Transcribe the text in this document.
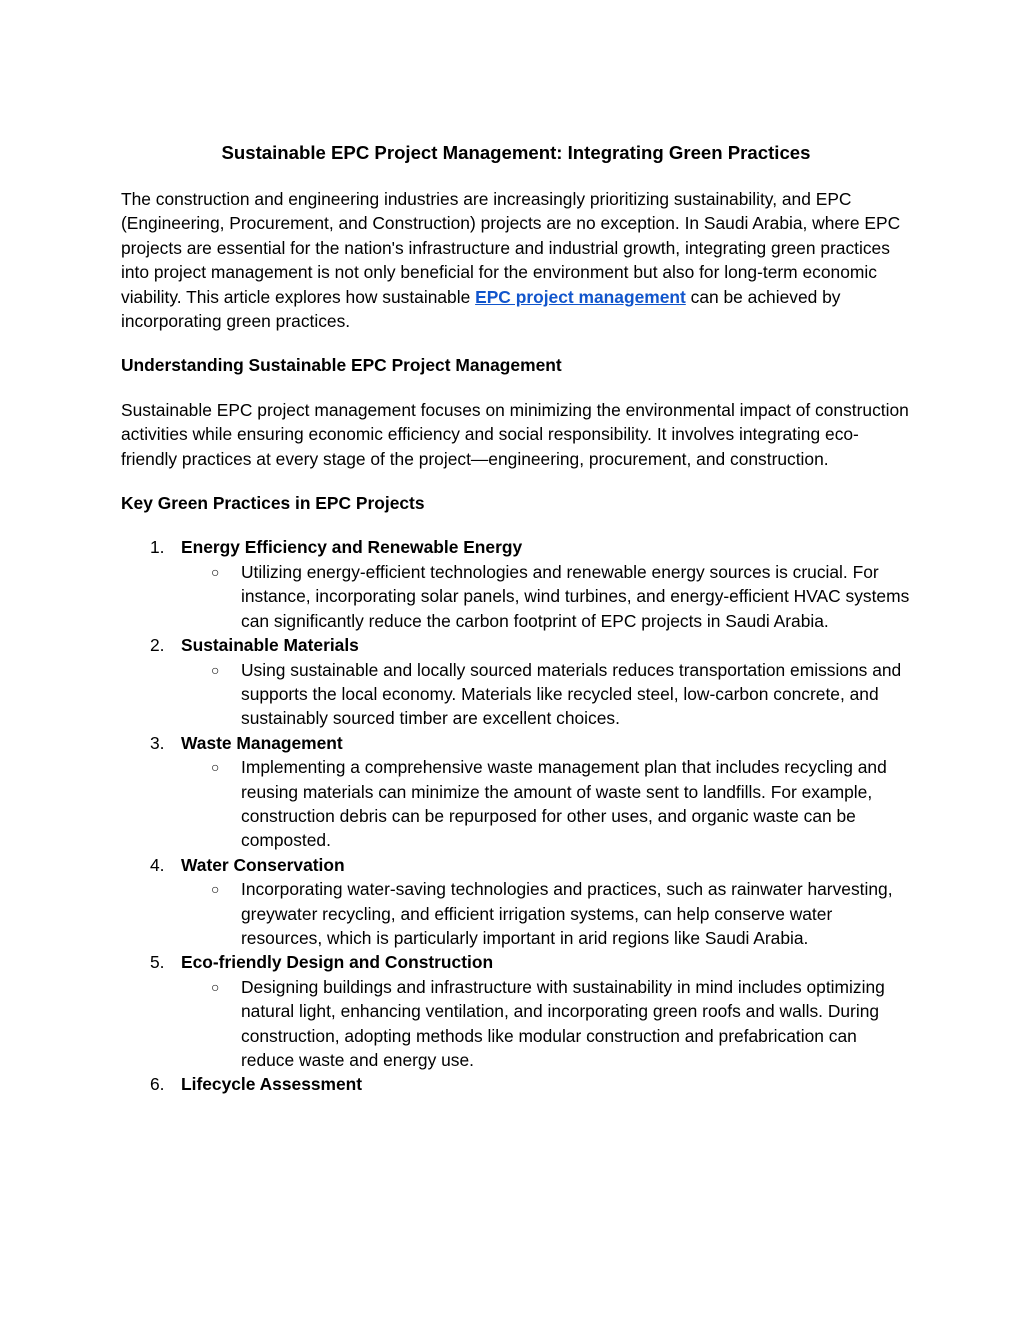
Sustainable EPC Project Management: Integrating Green Practices

The construction and engineering industries are increasingly prioritizing sustainability, and EPC (Engineering, Procurement, and Construction) projects are no exception. In Saudi Arabia, where EPC projects are essential for the nation's infrastructure and industrial growth, integrating green practices into project management is not only beneficial for the environment but also for long-term economic viability. This article explores how sustainable EPC project management can be achieved by incorporating green practices.

Understanding Sustainable EPC Project Management

Sustainable EPC project management focuses on minimizing the environmental impact of construction activities while ensuring economic efficiency and social responsibility. It involves integrating eco-friendly practices at every stage of the project—engineering, procurement, and construction.

Key Green Practices in EPC Projects

1. Energy Efficiency and Renewable Energy
○ Utilizing energy-efficient technologies and renewable energy sources is crucial. For instance, incorporating solar panels, wind turbines, and energy-efficient HVAC systems can significantly reduce the carbon footprint of EPC projects in Saudi Arabia.
2. Sustainable Materials
○ Using sustainable and locally sourced materials reduces transportation emissions and supports the local economy. Materials like recycled steel, low-carbon concrete, and sustainably sourced timber are excellent choices.
3. Waste Management
○ Implementing a comprehensive waste management plan that includes recycling and reusing materials can minimize the amount of waste sent to landfills. For example, construction debris can be repurposed for other uses, and organic waste can be composted.
4. Water Conservation
○ Incorporating water-saving technologies and practices, such as rainwater harvesting, greywater recycling, and efficient irrigation systems, can help conserve water resources, which is particularly important in arid regions like Saudi Arabia.
5. Eco-friendly Design and Construction
○ Designing buildings and infrastructure with sustainability in mind includes optimizing natural light, enhancing ventilation, and incorporating green roofs and walls. During construction, adopting methods like modular construction and prefabrication can reduce waste and energy use.
6. Lifecycle Assessment
